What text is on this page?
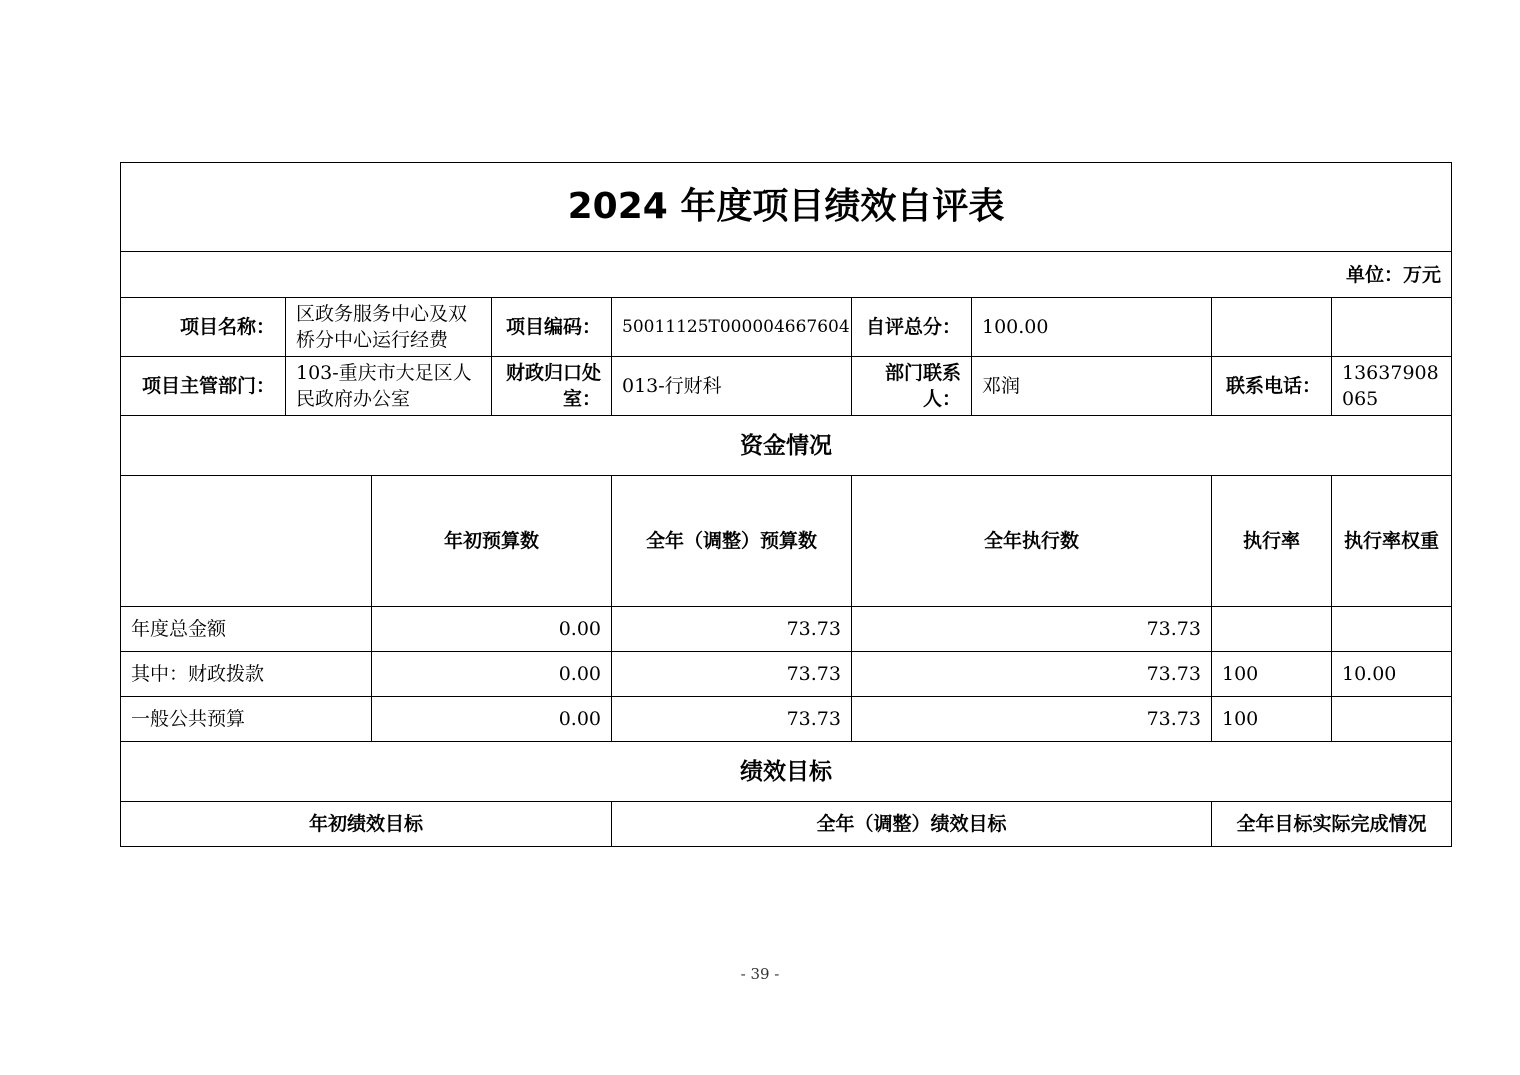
2024 年度项目绩效自评表									
单位：万元									
项目名称：	区政务服务中心及双桥分中心运行经费		项目编码：	50011125T000004667604	自评总分：	100.00			
项目主管部门：	103-重庆市大足区人民政府办公室		财政归口处室：	013-行财科	部门联系人：	邓润	联系电话：	13637908065	
资金情况									
		年初预算数		全年（调整）预算数	全年执行数		执行率	执行率权重	
年度总金额		0.00		73.73	73.73				
其中：财政拨款		0.00		73.73	73.73		100	10.00	
一般公共预算		0.00		73.73	73.73		100		
绩效目标									
年初绩效目标				全年（调整）绩效目标			全年目标实际完成情况		
- 39 -
